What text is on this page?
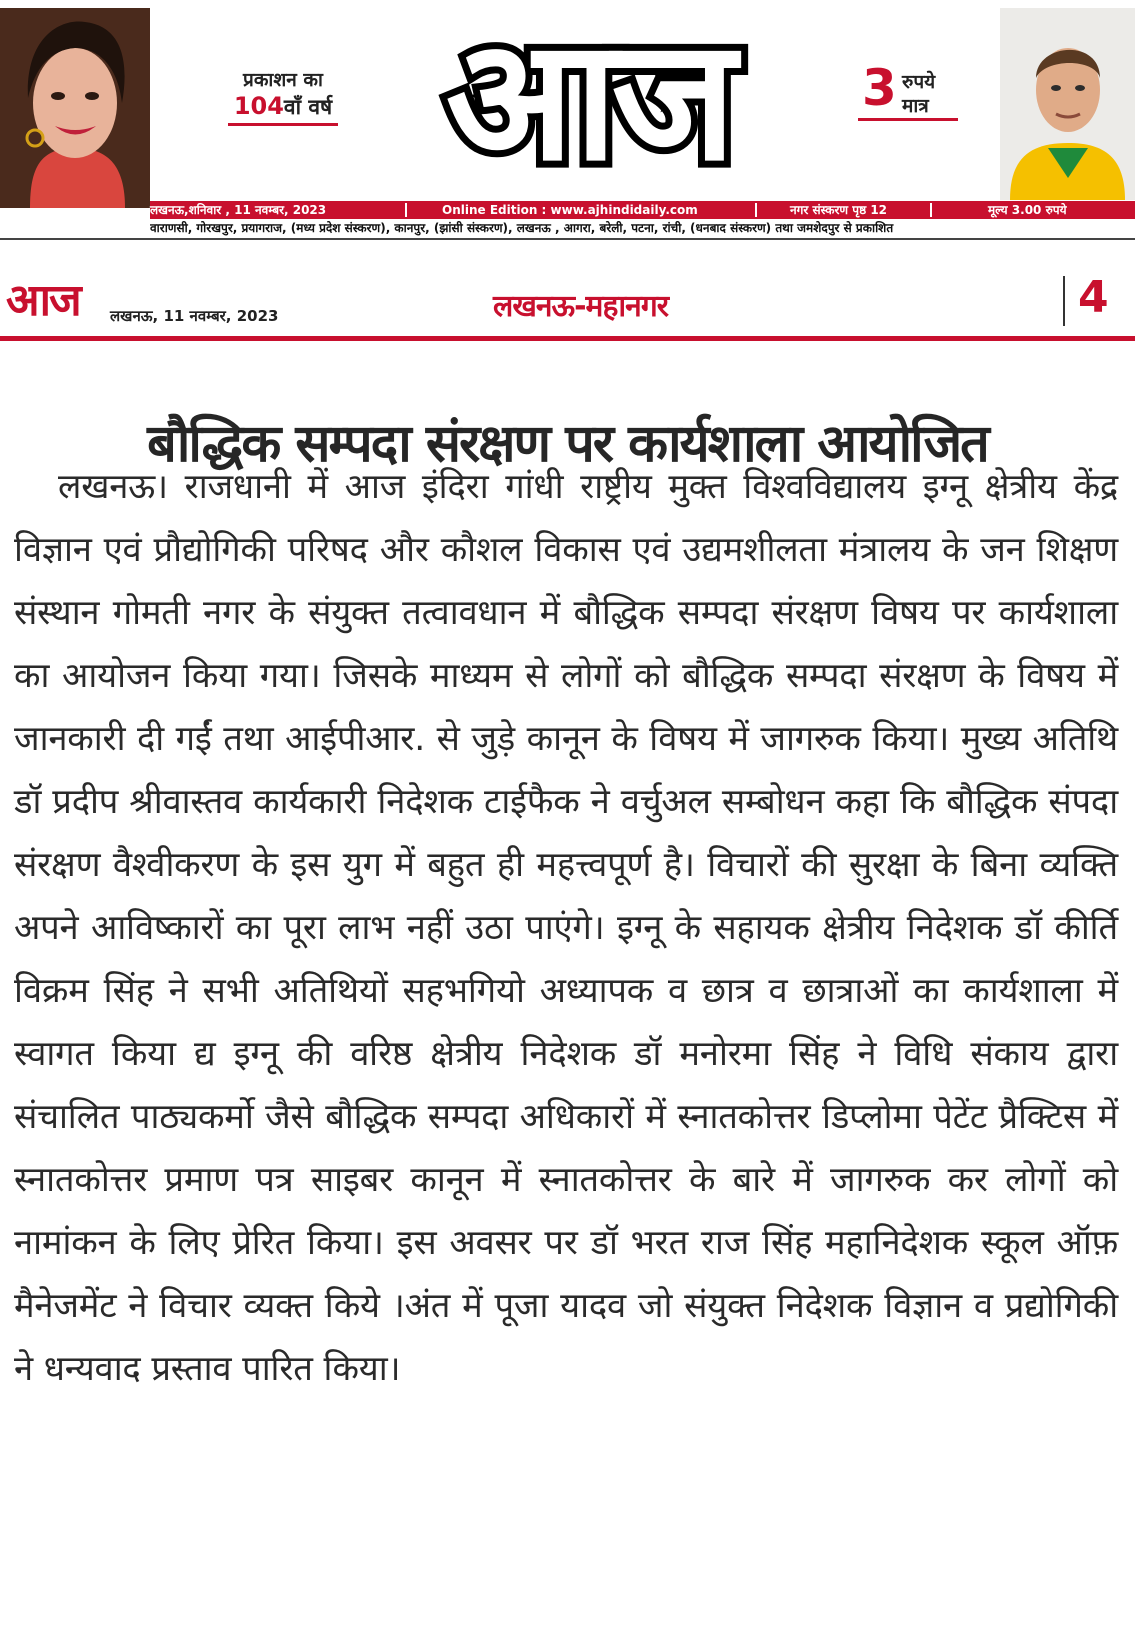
प्रकाशन का
104वाँ वर्ष आज	3 रुपये
मात्र
लखनऊ,शनिवार , 11 नवम्बर, 2023	Online Edition : www.ajhindidaily.com	नगर संस्करण पृष्ठ 12	मूल्य 3.00 रुपये
वाराणसी, गोरखपुर, प्रयागराज, (मध्य प्रदेश संस्करण), कानपुर, (झांसी संस्करण), लखनऊ , आगरा, बरेली, पटना, रांची, (धनबाद संस्करण) तथा जमशेदपुर से प्रकाशित
आज लखनऊ, 11 नवम्बर, 2023	लखनऊ-महानगर	4
बौद्धिक सम्पदा संरक्षण पर कार्यशाला आयोजित

लखनऊ। राजधानी में आज इंदिरा गांधी राष्ट्रीय मुक्त विश्वविद्यालय इग्नू क्षेत्रीय केंद्र विज्ञान एवं प्रौद्योगिकी परिषद और कौशल विकास एवं उद्यमशीलता मंत्रालय के जन शिक्षण संस्थान गोमती नगर के संयुक्त तत्वावधान में बौद्धिक सम्पदा संरक्षण विषय पर कार्यशाला का आयोजन किया गया। जिसके माध्यम से लोगों को बौद्धिक सम्पदा संरक्षण के विषय में जानकारी दी गईं तथा आईपीआर. से जुड़े कानून के विषय में जागरुक किया। मुख्य अतिथि डॉ प्रदीप श्रीवास्तव कार्यकारी निदेशक टाईफैक ने वर्चुअल सम्बोधन कहा कि बौद्धिक संपदा संरक्षण वैश्वीकरण के इस युग में बहुत ही महत्त्वपूर्ण है। विचारों की सुरक्षा के बिना व्यक्ति अपने आविष्कारों का पूरा लाभ नहीं उठा पाएंगे। इग्नू के सहायक क्षेत्रीय निदेशक डॉ कीर्ति विक्रम सिंह ने सभी अतिथियों सहभगियो अध्यापक व छात्र व छात्राओं का कार्यशाला में स्वागत किया द्य इग्नू की वरिष्ठ क्षेत्रीय निदेशक डॉ मनोरमा सिंह ने विधि संकाय द्वारा संचालित पाठ्यकर्मो जैसे बौद्धिक सम्पदा अधिकारों में स्नातकोत्तर डिप्लोमा पेटेंट प्रैक्टिस में स्नातकोत्तर प्रमाण पत्र साइबर कानून में स्नातकोत्तर के बारे में जागरुक कर लोगों को नामांकन के लिए प्रेरित किया। इस अवसर पर डॉ भरत राज सिंह महानिदेशक स्कूल ऑफ़ मैनेजमेंट ने विचार व्यक्त किये ।अंत में पूजा यादव जो संयुक्त निदेशक विज्ञान व प्रद्योगिकी ने धन्यवाद प्रस्ताव पारित किया।
